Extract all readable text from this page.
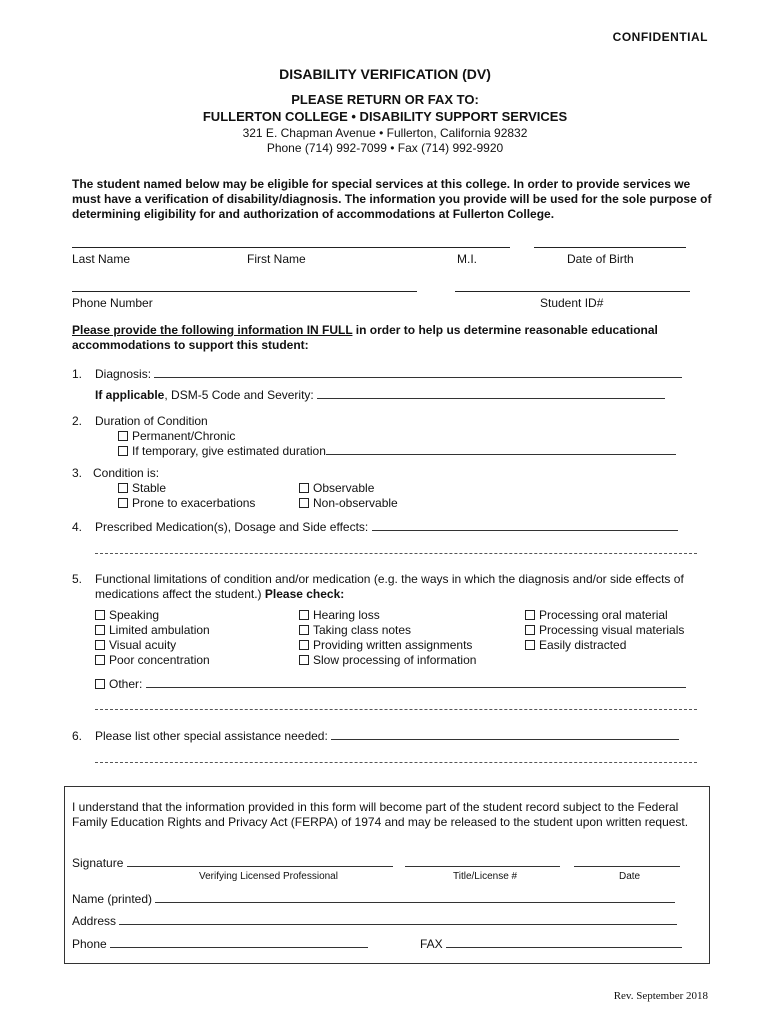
CONFIDENTIAL
DISABILITY VERIFICATION (DV)
PLEASE RETURN OR FAX TO:
FULLERTON COLLEGE • DISABILITY SUPPORT SERVICES
321 E. Chapman Avenue • Fullerton, California 92832
Phone (714) 992-7099 • Fax (714) 992-9920
The student named below may be eligible for special services at this college. In order to provide services we must have a verification of disability/diagnosis. The information you provide will be used for the sole purpose of determining eligibility for and authorization of accommodations at Fullerton College.
Last Name	First Name	M.I.	Date of Birth
Phone Number	Student ID#
Please provide the following information IN FULL in order to help us determine reasonable educational accommodations to support this student:
1. Diagnosis:
If applicable, DSM-5 Code and Severity:
2. Duration of Condition
Permanent/Chronic
If temporary, give estimated duration
3. Condition is:
Stable
Prone to exacerbations
Observable
Non-observable
4. Prescribed Medication(s), Dosage and Side effects:
5. Functional limitations of condition and/or medication (e.g. the ways in which the diagnosis and/or side effects of medications affect the student.) Please check:
Speaking
Limited ambulation
Visual acuity
Poor concentration
Hearing loss
Taking class notes
Providing written assignments
Slow processing of information
Processing oral material
Processing visual materials
Easily distracted
Other:
6. Please list other special assistance needed:
I understand that the information provided in this form will become part of the student record subject to the Federal Family Education Rights and Privacy Act (FERPA) of 1974 and may be released to the student upon written request.
Signature
Verifying Licensed Professional	Title/License #	Date
Name (printed)
Address
Phone	FAX
Rev. September 2018
